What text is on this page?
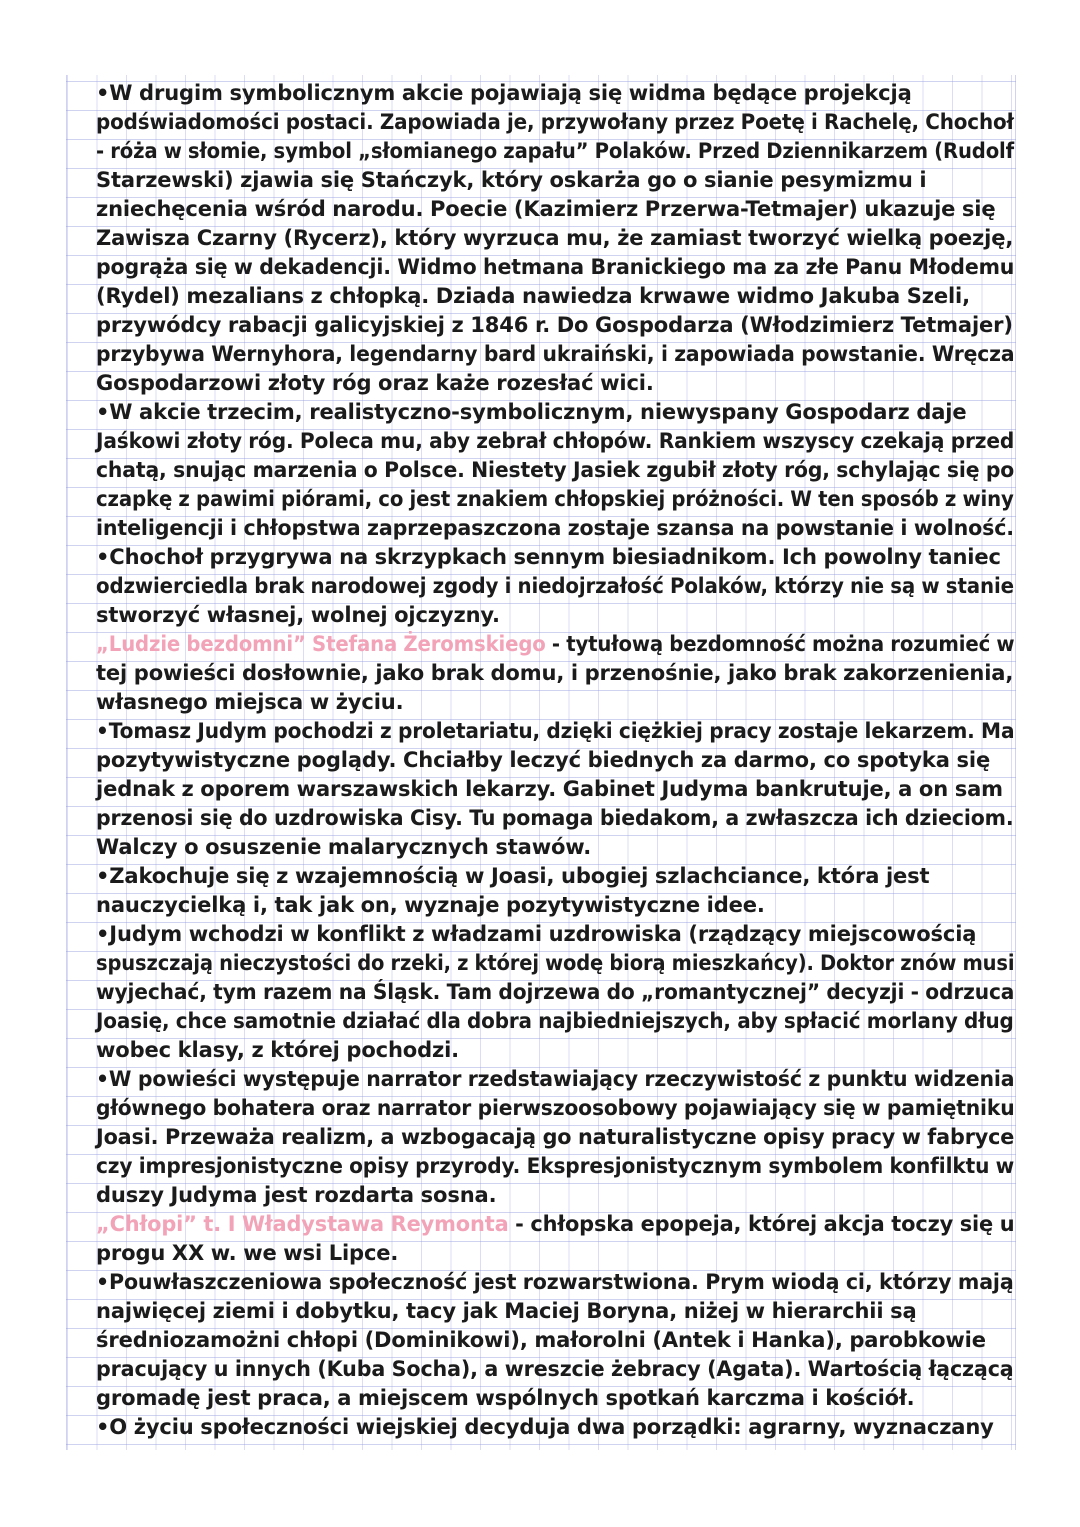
•W drugim symbolicznym akcie pojawiają się widma będące projekcją
podświadomości postaci. Zapowiada je, przywołany przez Poetę i Rachelę, Chochoł
- róża w słomie, symbol „słomianego zapału” Polaków. Przed Dziennikarzem (Rudolf
Starzewski) zjawia się Stańczyk, który oskarża go o sianie pesymizmu i
zniechęcenia wśród narodu. Poecie (Kazimierz Przerwa-Tetmajer) ukazuje się
Zawisza Czarny (Rycerz), który wyrzuca mu, że zamiast tworzyć wielką poezję,
pogrąża się w dekadencji. Widmo hetmana Branickiego ma za złe Panu Młodemu
(Rydel) mezalians z chłopką. Dziada nawiedza krwawe widmo Jakuba Szeli,
przywódcy rabacji galicyjskiej z 1846 r. Do Gospodarza (Włodzimierz Tetmajer)
przybywa Wernyhora, legendarny bard ukraiński, i zapowiada powstanie. Wręcza
Gospodarzowi złoty róg oraz każe rozesłać wici.
•W akcie trzecim, realistyczno-symbolicznym, niewyspany Gospodarz daje
Jaśkowi złoty róg. Poleca mu, aby zebrał chłopów. Rankiem wszyscy czekają przed
chatą, snując marzenia o Polsce. Niestety Jasiek zgubił złoty róg, schylając się po
czapkę z pawimi piórami, co jest znakiem chłopskiej próżności. W ten sposób z winy
inteligencji i chłopstwa zaprzepaszczona zostaje szansa na powstanie i wolność.
•Chochoł przygrywa na skrzypkach sennym biesiadnikom. Ich powolny taniec
odzwierciedla brak narodowej zgody i niedojrzałość Polaków, którzy nie są w stanie
stworzyć własnej, wolnej ojczyzny.
„Ludzie bezdomni” Stefana Żeromskiego - tytułową bezdomność można rozumieć w
tej powieści dosłownie, jako brak domu, i przenośnie, jako brak zakorzenienia,
własnego miejsca w życiu.
•Tomasz Judym pochodzi z proletariatu, dzięki ciężkiej pracy zostaje lekarzem. Ma
pozytywistyczne poglądy. Chciałby leczyć biednych za darmo, co spotyka się
jednak z oporem warszawskich lekarzy. Gabinet Judyma bankrutuje, a on sam
przenosi się do uzdrowiska Cisy. Tu pomaga biedakom, a zwłaszcza ich dzieciom.
Walczy o osuszenie malarycznych stawów.
•Zakochuje się z wzajemnością w Joasi, ubogiej szlachciance, która jest
nauczycielką i, tak jak on, wyznaje pozytywistyczne idee.
•Judym wchodzi w konflikt z władzami uzdrowiska (rządzący miejscowością
spuszczają nieczystości do rzeki, z której wodę biorą mieszkańcy). Doktor znów musi
wyjechać, tym razem na Śląsk. Tam dojrzewa do „romantycznej” decyzji - odrzuca
Joasię, chce samotnie działać dla dobra najbiedniejszych, aby spłacić morlany dług
wobec klasy, z której pochodzi.
•W powieści występuje narrator rzedstawiający rzeczywistość z punktu widzenia
głównego bohatera oraz narrator pierwszoosobowy pojawiający się w pamiętniku
Joasi. Przeważa realizm, a wzbogacają go naturalistyczne opisy pracy w fabryce
czy impresjonistyczne opisy przyrody. Ekspresjonistycznym symbolem konfilktu w
duszy Judyma jest rozdarta sosna.
„Chłopi” t. I Władystawa Reymonta - chłopska epopeja, której akcja toczy się u
progu XX w. we wsi Lipce.
•Pouwłaszczeniowa społeczność jest rozwarstwiona. Prym wiodą ci, którzy mają
najwięcej ziemi i dobytku, tacy jak Maciej Boryna, niżej w hierarchii są
średniozamożni chłopi (Dominikowi), małorolni (Antek i Hanka), parobkowie
pracujący u innych (Kuba Socha), a wreszcie żebracy (Agata). Wartością łączącą
gromadę jest praca, a miejscem wspólnych spotkań karczma i kościół.
•O życiu społeczności wiejskiej decyduja dwa porządki: agrarny, wyznaczany
